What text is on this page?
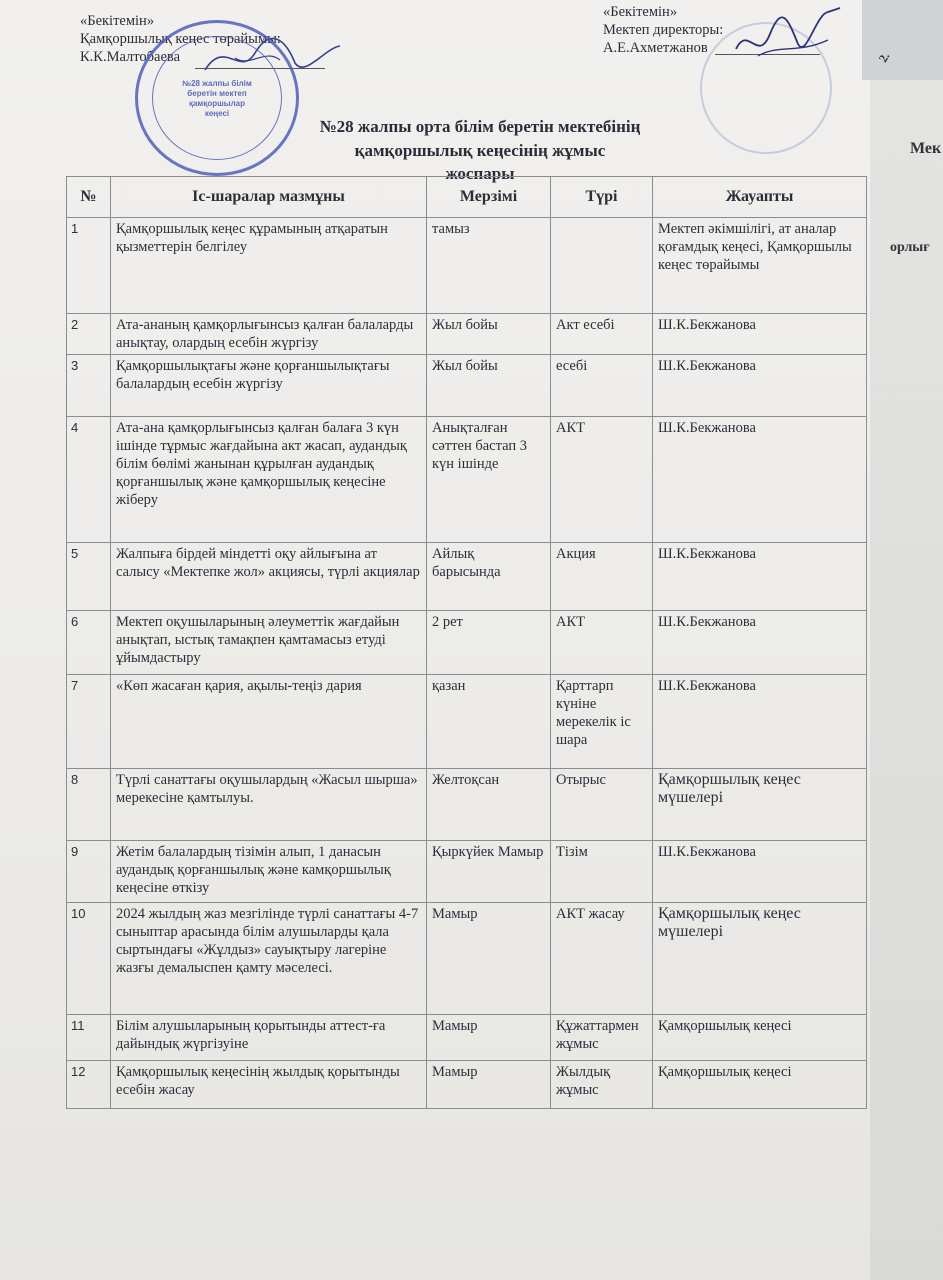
Мек
орлығ
2.
«Бекітемін»
Қамқоршылық кеңес төрайымы:
К.К.Малтобаева
«Бекітемін»
Мектеп директоры:
А.Е.Ахметжанов
№28 жалпы білім беретін мектеп қамқоршылар кеңесі
№28 жалпы орта білім беретін мектебінің
қамқоршылық кеңесінің жұмыс
жоспары
№	Іс-шаралар мазмұны	Мерзімі	Түрі	Жауапты
1	Қамқоршылық кеңес құрамының атқаратын қызметтерін белгілеу	тамыз		Мектеп әкімшілігі, ат аналар қоғамдық кеңесі, Қамқоршылы кеңес төрайымы
2	Ата-ананың қамқорлығынсыз қалған балаларды анықтау, олардың есебін жүргізу	Жыл бойы	Акт есебі	Ш.К.Бекжанова
3	Қамқоршылықтағы және қорғаншылықтағы балалардың есебін жүргізу	Жыл бойы	есебі	Ш.К.Бекжанова
4	Ата-ана қамқорлығынсыз қалған балаға 3 күн ішінде тұрмыс жағдайына акт жасап, аудандық білім бөлімі жанынан құрылған аудандық қорғаншылық және қамқоршылық кеңесіне жіберу	Анықталған сәттен бастап 3 күн ішінде	АКТ	Ш.К.Бекжанова
5	Жалпыға бірдей міндетті оқу айлығына ат салысу «Мектепке жол» акциясы, түрлі акциялар	Айлық барысында	Акция	Ш.К.Бекжанова
6	Мектеп оқушыларының әлеуметтік жағдайын анықтап, ыстық тамақпен қамтамасыз етуді ұйымдастыру	2 рет	АКТ	Ш.К.Бекжанова
7	«Көп жасаған қария, ақылы-теңіз дария	қазан	Қарттарп күніне мерекелік іс шара	Ш.К.Бекжанова
8	Түрлі санаттағы оқушылардың «Жасыл шырша» мерекесіне қамтылуы.	Желтоқсан	Отырыс	Қамқоршылық кеңес мүшелері
9	Жетім балалардың тізімін алып, 1 данасын аудандық қорғаншылық және камқоршылық кеңесіне өткізу	Қыркүйек Мамыр	Тізім	Ш.К.Бекжанова
10	2024 жылдың жаз мезгілінде түрлі санаттағы 4-7 сыныптар арасында білім алушыларды қала сыртындағы «Жұлдыз» сауықтыру лагеріне жазғы демалыспен қамту мәселесі.	Мамыр	АКТ жасау	Қамқоршылық кеңес мүшелері
11	Білім алушыларының қорытынды аттест-ға дайындық жүргізуіне	Мамыр	Құжаттармен жұмыс	Қамқоршылық кеңесі
12	Қамқоршылық кеңесінің жылдық қорытынды есебін жасау	Мамыр	Жылдық жұмыс	Қамқоршылық кеңесі
